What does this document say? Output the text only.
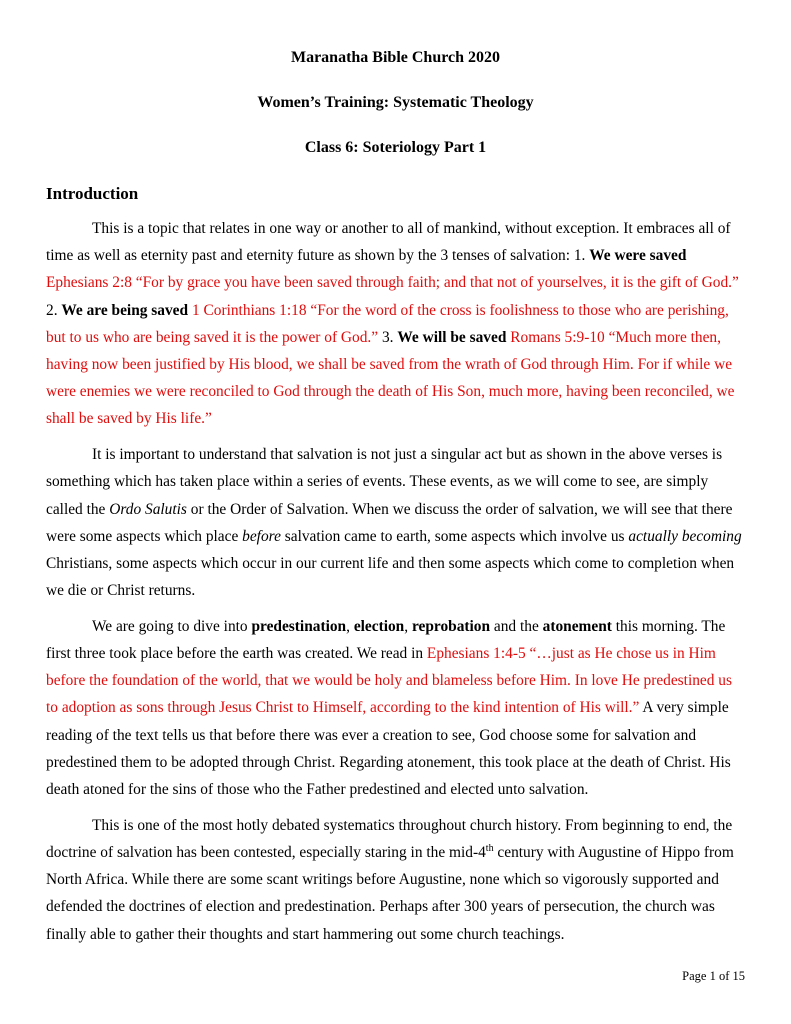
Maranatha Bible Church 2020
Women’s Training: Systematic Theology
Class 6: Soteriology Part 1
Introduction

This is a topic that relates in one way or another to all of mankind, without exception. It embraces all of time as well as eternity past and eternity future as shown by the 3 tenses of salvation: 1. We were saved Ephesians 2:8 “For by grace you have been saved through faith; and that not of yourselves, it is the gift of God.” 2. We are being saved 1 Corinthians 1:18 “For the word of the cross is foolishness to those who are perishing, but to us who are being saved it is the power of God.” 3. We will be saved Romans 5:9-10 “Much more then, having now been justified by His blood, we shall be saved from the wrath of God through Him. For if while we were enemies we were reconciled to God through the death of His Son, much more, having been reconciled, we shall be saved by His life.”

It is important to understand that salvation is not just a singular act but as shown in the above verses is something which has taken place within a series of events. These events, as we will come to see, are simply called the Ordo Salutis or the Order of Salvation. When we discuss the order of salvation, we will see that there were some aspects which place before salvation came to earth, some aspects which involve us actually becoming Christians, some aspects which occur in our current life and then some aspects which come to completion when we die or Christ returns.

We are going to dive into predestination, election, reprobation and the atonement this morning. The first three took place before the earth was created. We read in Ephesians 1:4-5 “…just as He chose us in Him before the foundation of the world, that we would be holy and blameless before Him. In love He predestined us to adoption as sons through Jesus Christ to Himself, according to the kind intention of His will.” A very simple reading of the text tells us that before there was ever a creation to see, God choose some for salvation and predestined them to be adopted through Christ. Regarding atonement, this took place at the death of Christ. His death atoned for the sins of those who the Father predestined and elected unto salvation.

This is one of the most hotly debated systematics throughout church history. From beginning to end, the doctrine of salvation has been contested, especially staring in the mid-4th century with Augustine of Hippo from North Africa. While there are some scant writings before Augustine, none which so vigorously supported and defended the doctrines of election and predestination. Perhaps after 300 years of persecution, the church was finally able to gather their thoughts and start hammering out some church teachings.

Page 1 of 15
